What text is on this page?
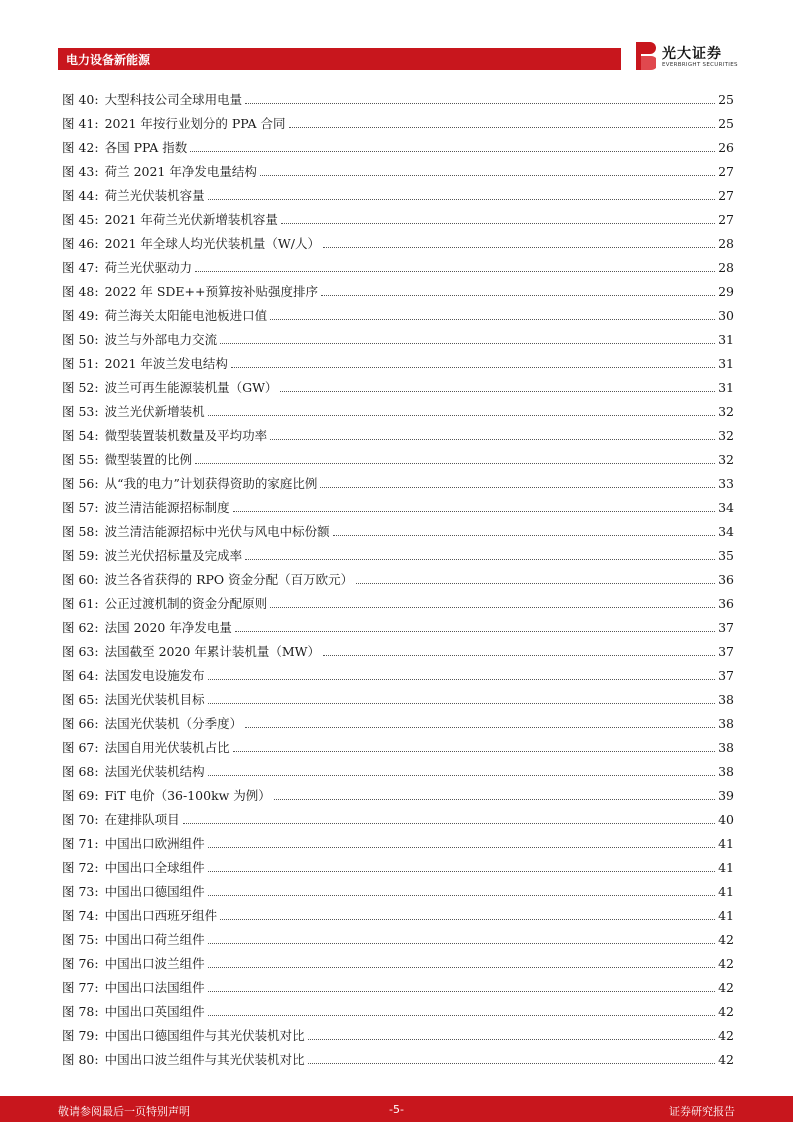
电力设备新能源	光大证券
EVERBRIGHT SECURITIES
图 40: 大型科技公司全球用电量	25
图 41: 2021 年按行业划分的 PPA 合同	25
图 42: 各国 PPA 指数	26
图 43: 荷兰 2021 年净发电量结构	27
图 44: 荷兰光伏装机容量	27
图 45: 2021 年荷兰光伏新增装机容量	27
图 46: 2021 年全球人均光伏装机量（W/人）	28
图 47: 荷兰光伏驱动力	28
图 48: 2022 年 SDE++预算按补贴强度排序	29
图 49: 荷兰海关太阳能电池板进口值	30
图 50: 波兰与外部电力交流	31
图 51: 2021 年波兰发电结构	31
图 52: 波兰可再生能源装机量（GW）	31
图 53: 波兰光伏新增装机	32
图 54: 微型装置装机数量及平均功率	32
图 55: 微型装置的比例	32
图 56: 从“我的电力”计划获得资助的家庭比例	33
图 57: 波兰清洁能源招标制度	34
图 58: 波兰清洁能源招标中光伏与风电中标份额	34
图 59: 波兰光伏招标量及完成率	35
图 60: 波兰各省获得的 RPO 资金分配（百万欧元）	36
图 61: 公正过渡机制的资金分配原则	36
图 62: 法国 2020 年净发电量	37
图 63: 法国截至 2020 年累计装机量（MW）	37
图 64: 法国发电设施发布	37
图 65: 法国光伏装机目标	38
图 66: 法国光伏装机（分季度）	38
图 67: 法国自用光伏装机占比	38
图 68: 法国光伏装机结构	38
图 69: FiT 电价（36-100kw 为例）	39
图 70: 在建排队项目	40
图 71: 中国出口欧洲组件	41
图 72: 中国出口全球组件	41
图 73: 中国出口德国组件	41
图 74: 中国出口西班牙组件	41
图 75: 中国出口荷兰组件	42
图 76: 中国出口波兰组件	42
图 77: 中国出口法国组件	42
图 78: 中国出口英国组件	42
图 79: 中国出口德国组件与其光伏装机对比	42
图 80: 中国出口波兰组件与其光伏装机对比	42
敬请参阅最后一页特别声明	-5-	证券研究报告
